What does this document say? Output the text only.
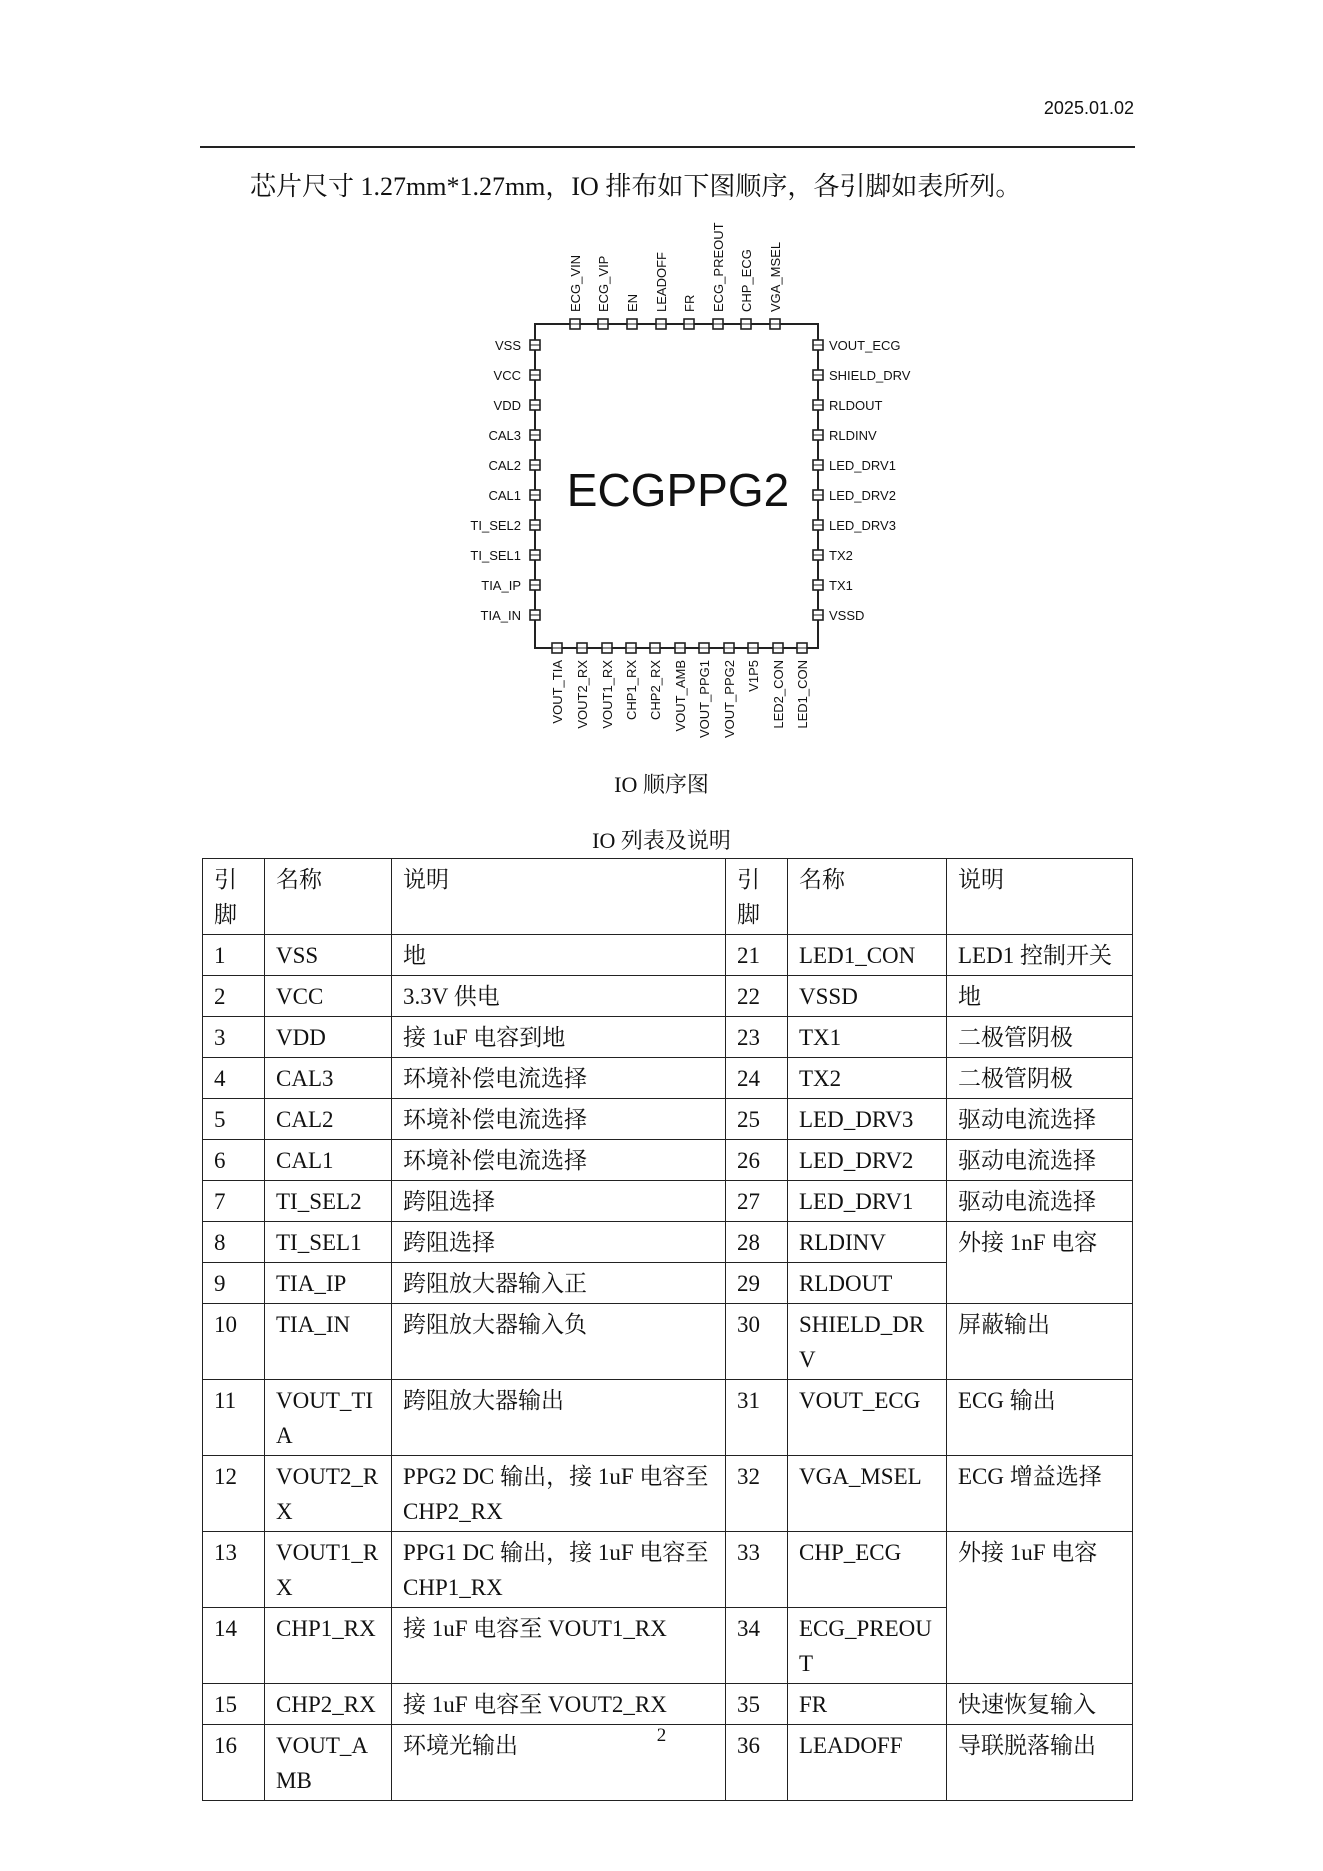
2025.01.02
芯片尺寸 1.27mm*1.27mm，IO 排布如下图顺序，各引脚如表所列。
ECGPPG2
VSS
VCC
VDD
CAL3
CAL2
CAL1
TI_SEL2
TI_SEL1
TIA_IP
TIA_IN
VOUT_ECG
SHIELD_DRV
RLDOUT
RLDINV
LED_DRV1
LED_DRV2
LED_DRV3
TX2
TX1
VSSD
ECG_VIN ECG_VIP EN LEADOFF FR ECG_PREOUT CHP_ECG VGA_MSEL
VOUT_TIA VOUT2_RX VOUT1_RX CHP1_RX CHP2_RX VOUT_AMB VOUT_PPG1 VOUT_PPG2 V1P5 LED2_CON LED1_CON
IO 顺序图
IO 列表及说明
引脚	名称	说明	引脚	名称	说明
1	VSS	地	21	LED1_CON	LED1 控制开关
2	VCC	3.3V 供电	22	VSSD	地
3	VDD	接 1uF 电容到地	23	TX1	二极管阴极
4	CAL3	环境补偿电流选择	24	TX2	二极管阴极
5	CAL2	环境补偿电流选择	25	LED_DRV3	驱动电流选择
6	CAL1	环境补偿电流选择	26	LED_DRV2	驱动电流选择
7	TI_SEL2	跨阻选择	27	LED_DRV1	驱动电流选择
8	TI_SEL1	跨阻选择	28	RLDINV	外接 1nF 电容
9	TIA_IP	跨阻放大器输入正	29	RLDOUT	
10	TIA_IN	跨阻放大器输入负	30	SHIELD_DRV	屏蔽输出
11	VOUT_TIA	跨阻放大器输出	31	VOUT_ECG	ECG 输出
12	VOUT2_RX	PPG2 DC 输出，接 1uF 电容至 CHP2_RX	32	VGA_MSEL	ECG 增益选择
13	VOUT1_RX	PPG1 DC 输出，接 1uF 电容至 CHP1_RX	33	CHP_ECG	外接 1uF 电容
14	CHP1_RX	接 1uF 电容至 VOUT1_RX	34	ECG_PREOUT	
15	CHP2_RX	接 1uF 电容至 VOUT2_RX	35	FR	快速恢复输入
16	VOUT_AMB	环境光输出	36	LEADOFF	导联脱落输出
2
